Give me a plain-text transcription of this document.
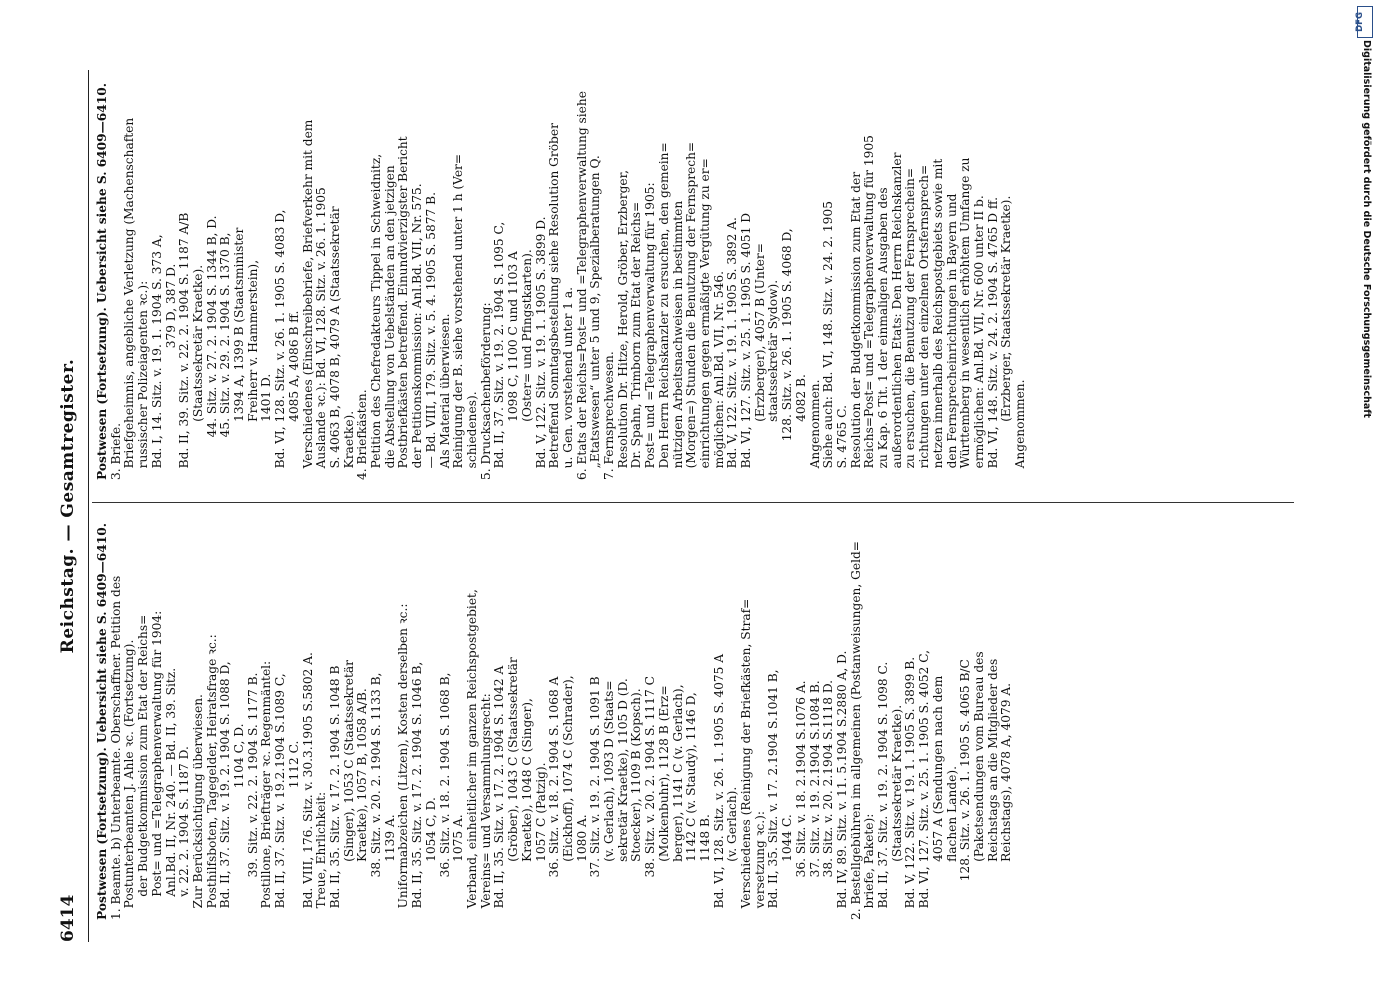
6414
Reichstag. — Gesamtregister.
Postwesen (Fortsetzung). Uebersicht siehe S. 6409—6410. 1. Beamte. b) Unterbeamte. Oberschaffner. Petition des Postunterbeamten J. Ahle ꝛc. (Fortsetzung). der Budgetkommission zum Etat der Reichs= Post= und =Telegraphenverwaltung für 1904: Anl.Bd. II, Nr. 240. — Bd. II, 39. Sitz. v. 22. 2. 1904 S. 1187 D. Zur Berücksichtigung überwiesen. Posthilfsboten, Tagegelder, Heiratsfrage ꝛc.: Bd. II, 37. Sitz. v. 19. 2. 1904 S. 1088 D, 1104 C, D. 39. Sitz. v. 22. 2. 1904 S. 1177 B. Postillone, Briefträger ꝛc. Regenmäntel: Bd. II, 37. Sitz. v. 19.2.1904 S.1089 C, 1112 C. Bd. VIII, 176. Sitz. v. 30.3.1905 S.5802 A. Treue, Ehrlichkeit: Bd. II, 35. Sitz. v. 17. 2. 1904 S. 1048 B (Singer), 1053 C (Staatssekretär Kraetke), 1057 B, 1058 A/B. 38. Sitz. v. 20. 2. 1904 S. 1133 B, 1139 A. Uniformabzeichen (Litzen), Kosten derselben ꝛc.: Bd. II, 35. Sitz. v. 17. 2. 1904 S. 1046 B, 1054 C, D. 36. Sitz. v. 18. 2. 1904 S. 1068 B, 1075 A. Verband, einheitlicher im ganzen Reichspostgebiet, Vereins= und Versammlungsrecht: Bd. II, 35. Sitz. v. 17. 2. 1904 S. 1042 A (Gröber), 1043 C (Staatssekretär Kraetke), 1048 C (Singer), 1057 C (Patzig). 36. Sitz. v. 18. 2. 1904 S. 1068 A (Eickhoff), 1074 C (Schrader), 1080 A. 37. Sitz. v. 19. 2. 1904 S. 1091 B (v. Gerlach), 1093 D (Staats= sekretär Kraetke), 1105 D (D. Stoecker), 1109 B (Kopsch). 38. Sitz. v. 20. 2. 1904 S. 1117 C (Molkenbuhr), 1128 B (Erz= berger), 1141 C (v. Gerlach), 1142 C (v. Staudy), 1146 D, 1148 B. Bd. VI, 128. Sitz. v. 26. 1. 1905 S. 4075 A (v. Gerlach). Verschiedenes (Reinigung der Briefkästen, Straf= versetzung ꝛc.): Bd. II, 35. Sitz. v. 17. 2.1904 S.1041 B, 1044 C. 36. Sitz. v. 18. 2.1904 S.1076 A. 37. Sitz. v. 19. 2.1904 S.1084 B. 38. Sitz. v. 20. 2.1904 S.1118 D. Bd. IV, 89. Sitz. v. 11. 5.1904 S.2880 A, D. 2. Bestellgebühren im allgemeinen (Postanweisungen, Geld= briefe, Pakete): Bd. II, 37. Sitz. v. 19. 2. 1904 S. 1098 C. (Staatssekretär Kraetke). Bd. V, 122. Sitz. v. 19. 1. 1905 S. 3899 B. Bd. VI, 127. Sitz. v. 25. 1. 1905 S. 4052 C, 4057 A (Sendungen nach dem flachen Lande). 128. Sitz. v. 26. 1. 1905 S. 4065 B/C (Paketsendungen vom Bureau des Reichstags an die Mitglieder des Reichstags), 4078 A, 4079 A.
Postwesen (Fortsetzung). Uebersicht siehe S. 6409—6410. 3. Briefe. Briefgeheimnis, angebliche Verletzung (Machenschaften russischer Polizeiagenten ꝛc.): Bd. I, 14. Sitz. v. 19. 1. 1904 S. 373 A, 379 D, 387 D. Bd. II, 39. Sitz. v. 22. 2. 1904 S. 1187 A/B (Staatssekretär Kraetke). 44. Sitz. v. 27. 2. 1904 S. 1344 B, D. 45. Sitz. v. 29. 2. 1904 S. 1370 B, 1394 A, 1399 B (Staatsminister Freiherr v. Hammerstein), 1401 D. Bd. VI, 128. Sitz. v. 26. 1. 1905 S. 4083 D, 4085 A, 4086 B ff. Verschiedenes (Einschreibebriefe, Briefverkehr mit dem Auslande ꝛc.): Bd. VI, 128. Sitz. v. 26. 1. 1905 S. 4063 B, 4078 B, 4079 A (Staatssekretär Kraetke). 4. Briefkästen. Petition des Chefredakteurs Tippel in Schweidnitz, die Abstellung von Uebelständen an den jetzigen Postbriefkästen betreffend. Einundvierzigster Bericht der Petitionskommission: Anl.Bd. VII, Nr. 575. — Bd. VIII, 179. Sitz. v. 5. 4. 1905 S. 5877 B. Als Material überwiesen. Reinigung der B. siehe vorstehend unter 1 h (Ver= schiedenes). 5. Drucksachenbeförderung: Bd. II, 37. Sitz. v. 19. 2. 1904 S. 1095 C, 1098 C, 1100 C und 1103 A (Oster= und Pfingstkarten). Bd. V, 122. Sitz. v. 19. 1. 1905 S. 3899 D. Betreffend Sonntagsbestellung siehe Resolution Gröber u. Gen. vorstehend unter 1 a. 6. Etats der Reichs=Post= und =Telegraphenverwaltung siehe „Etatswesen“ unter 5 und 9, Spezialberatungen Q. 7. Fernsprechwesen. Resolution Dr. Hitze, Herold, Gröber, Erzberger, Dr. Spahn, Trimborn zum Etat der Reichs= Post= und =Telegraphenverwaltung für 1905: Den Herrn Reichskanzler zu ersuchen, den gemein= nützigen Arbeitsnachweisen in bestimmten (Morgen=) Stunden die Benutzung der Fernsprech= einrichtungen gegen ermäßigte Vergütung zu er= möglichen: Anl.Bd. VII, Nr. 546. Bd. V, 122. Sitz. v. 19. 1. 1905 S. 3892 A. Bd. VI, 127. Sitz. v. 25. 1. 1905 S. 4051 D (Erzberger), 4057 B (Unter= staatssekretär Sydow). 128. Sitz. v. 26. 1. 1905 S. 4068 D, 4082 B. Angenommen. Siehe auch: Bd. VI, 148. Sitz. v. 24. 2. 1905 S. 4765 C. Resolution der Budgetkommission zum Etat der Reichs=Post= und =Telegraphenverwaltung für 1905 zu Kap. 6 Tit. 1 der einmaligen Ausgaben des außerordentlichen Etats: Den Herrn Reichskanzler zu ersuchen, die Benutzung der Fernsprechein= richtungen unter den einzelnen Ortsfernsprech= netzen innerhalb des Reichspostgebiets sowie mit den Fernsprecheinrichtungen in Bayern und Württemberg in wesentlich erhöhtem Umfange zu ermöglichen: Anl.Bd. VII, Nr. 600 unter II b. Bd. VI, 148. Sitz. v. 24. 2. 1904 S. 4765 D ff. (Erzberger, Staatssekretär Kraetke). Angenommen.
DFG
Digitalisierung gefördert durch die Deutsche Forschungsgemeinschaft
